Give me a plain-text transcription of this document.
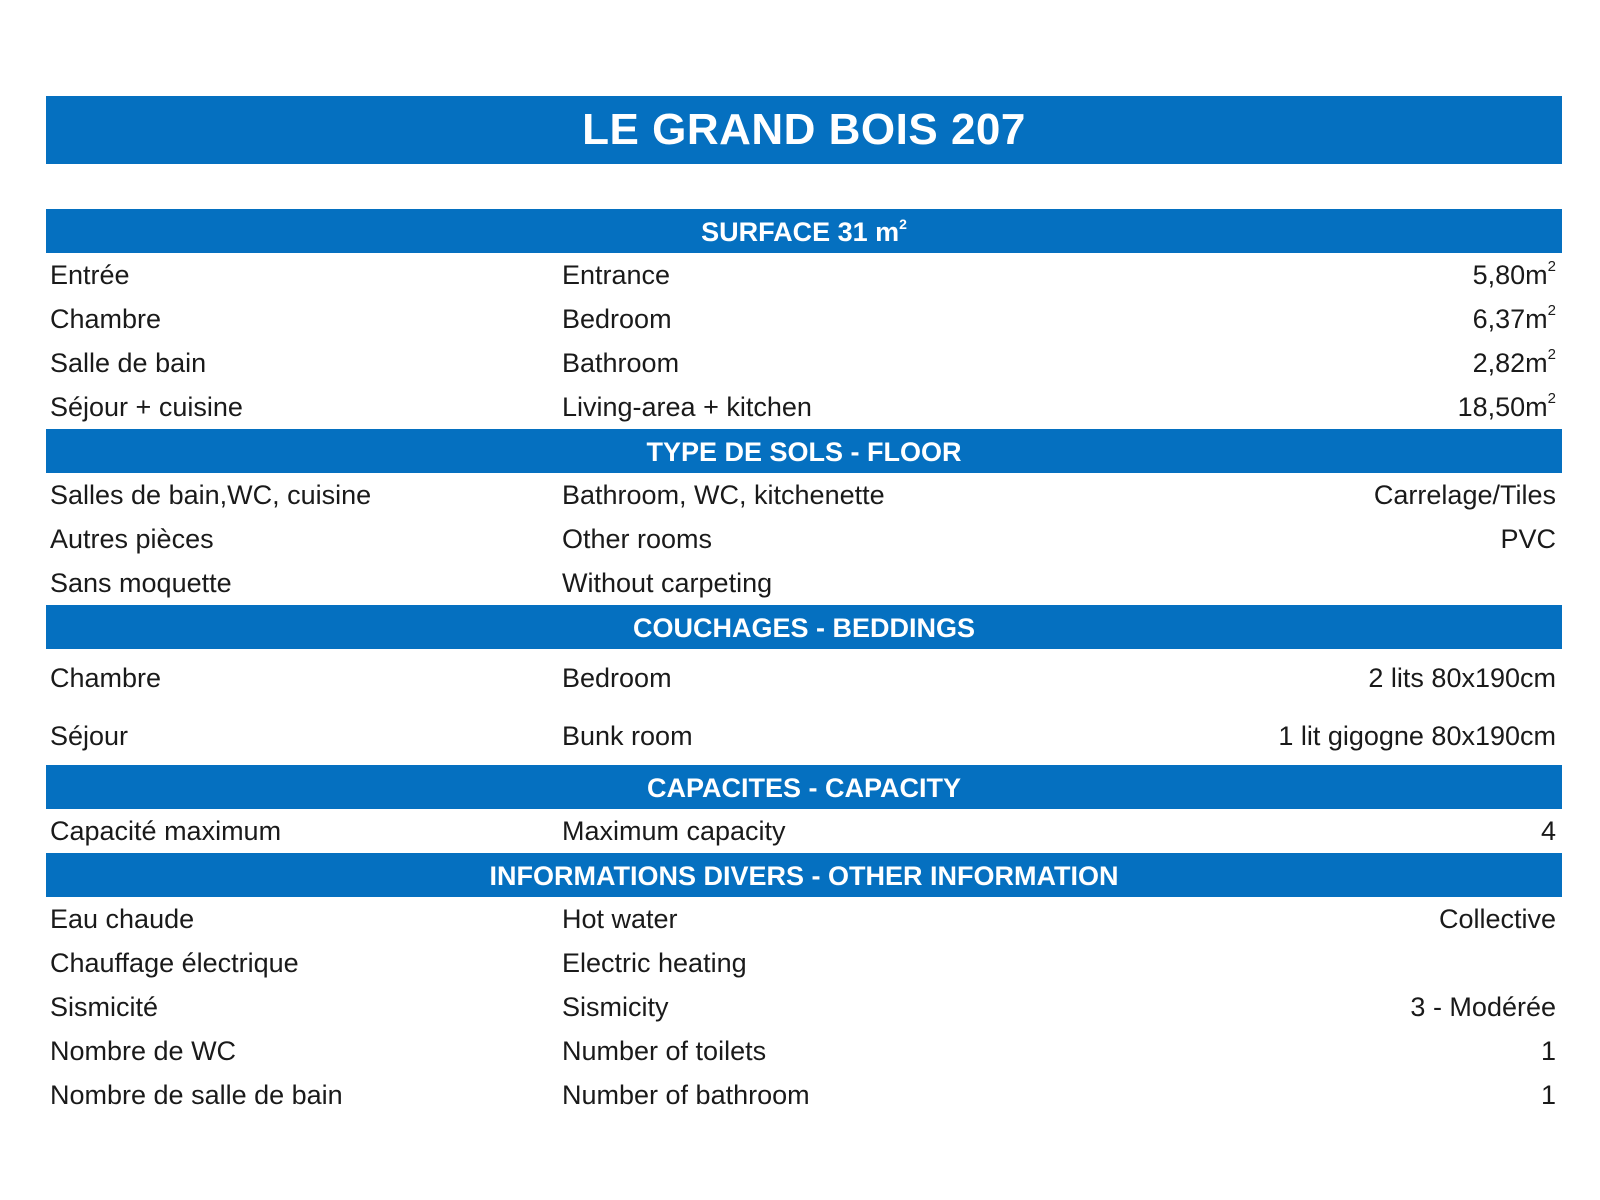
LE GRAND BOIS 207
SURFACE 31 $m^2$
Entrée	Entrance	$5,80m^2$
Chambre	Bedroom	$6,37m^2$
Salle de bain	Bathroom	$2,82m^2$
Séjour + cuisine	Living-area + kitchen	$18,50m^2$
TYPE DE SOLS - FLOOR
Salles de bain,WC, cuisine	Bathroom, WC, kitchenette	Carrelage/Tiles
Autres pièces	Other rooms	PVC
Sans moquette	Without carpeting
COUCHAGES - BEDDINGS
Chambre	Bedroom	2 lits 80x190cm
Séjour	Bunk room	1 lit gigogne 80x190cm
CAPACITES - CAPACITY
Capacité maximum	Maximum capacity	4
INFORMATIONS DIVERS - OTHER INFORMATION
Eau chaude	Hot water	Collective
Chauffage électrique	Electric heating
Sismicité	Sismicity	3 - Modérée
Nombre de WC	Number of toilets	1
Nombre de salle de bain	Number of bathroom	1
